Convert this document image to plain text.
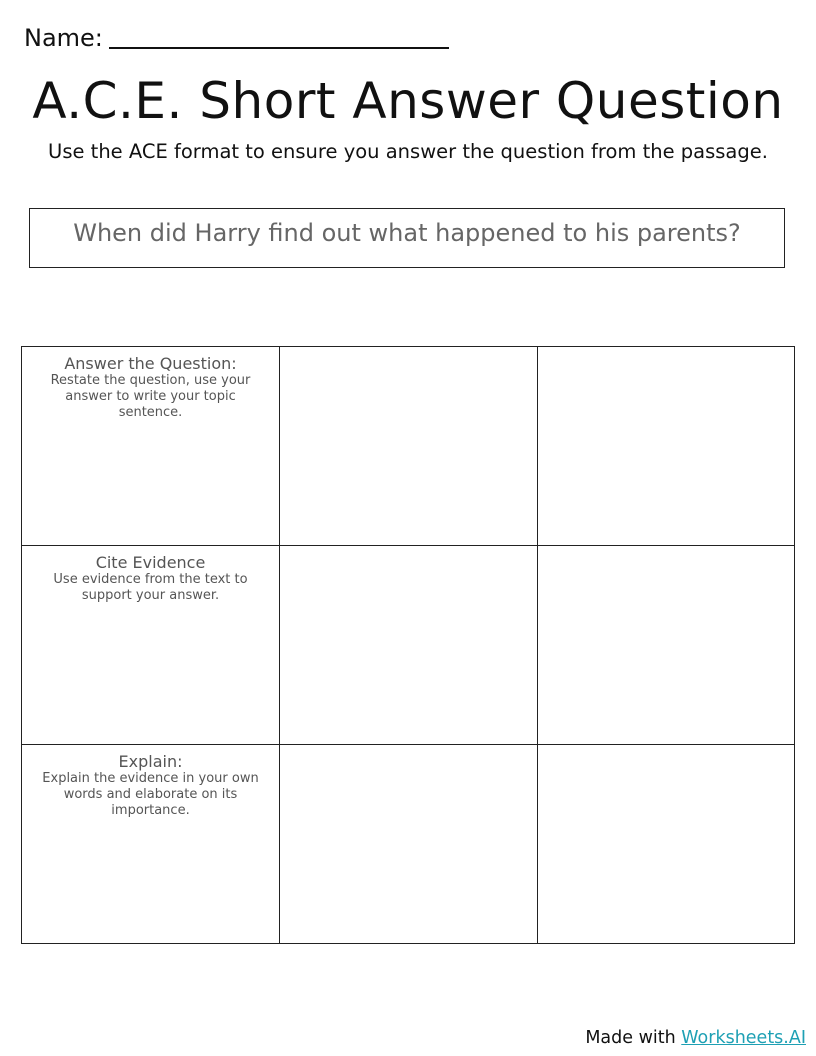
Name:
A.C.E. Short Answer Question
Use the ACE format to ensure you answer the question from the passage.
When did Harry find out what happened to his parents?
Answer the Question:
Restate the question, use your answer to write your topic sentence.		

Cite Evidence
Use evidence from the text to support your answer.		

Explain:
Explain the evidence in your own words and elaborate on its importance.		

Made with Worksheets.AI
